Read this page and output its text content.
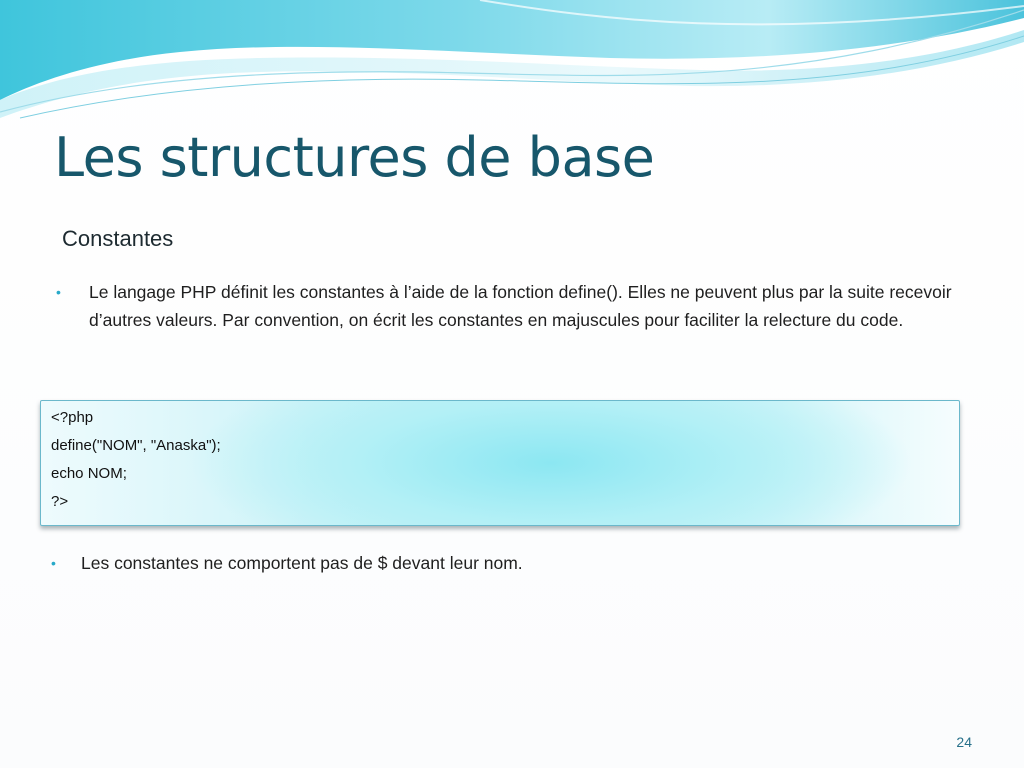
Les structures de base
Constantes
•	Le langage PHP définit les constantes à l’aide de la fonction define(). Elles ne peuvent plus par la suite recevoir d’autres valeurs. Par convention, on écrit les constantes en majuscules pour faciliter la relecture du code.
<?php
define("NOM", "Anaska");
echo NOM;
?>
•	Les constantes ne comportent pas de $ devant leur nom.
24
